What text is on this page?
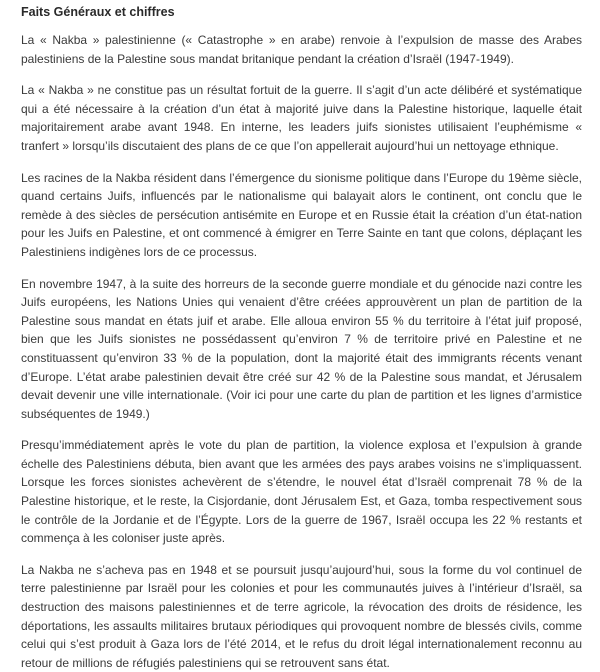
Faits Généraux et chiffres

La « Nakba » palestinienne (« Catastrophe » en arabe) renvoie à l’expulsion de masse des Arabes palestiniens de la Palestine sous mandat britanique pendant la création d’Israël (1947-1949).

La « Nakba » ne constitue pas un résultat fortuit de la guerre. Il s’agit d’un acte délibéré et systématique qui a été nécessaire à la création d’un état à majorité juive dans la Palestine historique, laquelle était majoritairement arabe avant 1948. En interne, les leaders juifs sionistes utilisaient l’euphémisme « tranfert » lorsqu’ils discutaient des plans de ce que l’on appellerait aujourd’hui un nettoyage ethnique.

Les racines de la Nakba résident dans l’émergence du sionisme politique dans l’Europe du 19ème siècle, quand certains Juifs, influencés par le nationalisme qui balayait alors le continent, ont conclu que le remède à des siècles de persécution antisémite en Europe et en Russie était la création d’un état-nation pour les Juifs en Palestine, et ont commencé à émigrer en Terre Sainte en tant que colons, déplaçant les Palestiniens indigènes lors de ce processus.

En novembre 1947, à la suite des horreurs de la seconde guerre mondiale et du génocide nazi contre les Juifs européens, les Nations Unies qui venaient d’être créées approuvèrent un plan de partition de la Palestine sous mandat en états juif et arabe. Elle alloua environ 55 % du territoire à l’état juif proposé, bien que les Juifs sionistes ne possédassent qu’environ 7 % de territoire privé en Palestine et ne constituassent qu’environ 33 % de la population, dont la majorité était des immigrants récents venant d’Europe. L’état arabe palestinien devait être créé sur 42 % de la Palestine sous mandat, et Jérusalem devait devenir une ville internationale. (Voir ici pour une carte du plan de partition et les lignes d’armistice subséquentes de 1949.)

Presqu’immédiatement après le vote du plan de partition, la violence explosa et l’expulsion à grande échelle des Palestiniens débuta, bien avant que les armées des pays arabes voisins ne s’impliquassent. Lorsque les forces sionistes achevèrent de s’étendre, le nouvel état d’Israël comprenait 78 % de la Palestine historique, et le reste, la Cisjordanie, dont Jérusalem Est, et Gaza, tomba respectivement sous le contrôle de la Jordanie et de l’Égypte. Lors de la guerre de 1967, Israël occupa les 22 % restants et commença à les coloniser juste après.

La Nakba ne s’acheva pas en 1948 et se poursuit jusqu’aujourd’hui, sous la forme du vol continuel de terre palestinienne par Israël pour les colonies et pour les communautés juives à l’intérieur d’Israël, sa destruction des maisons palestiniennes et de terre agricole, la révocation des droits de résidence, les déportations, les assaults militaires brutaux périodiques qui provoquent nombre de blessés civils, comme celui qui s’est produit à Gaza lors de l’été 2014, et le refus du droit légal internationalement reconnu au retour de millions de réfugiés palestiniens qui se retrouvent sans état.
